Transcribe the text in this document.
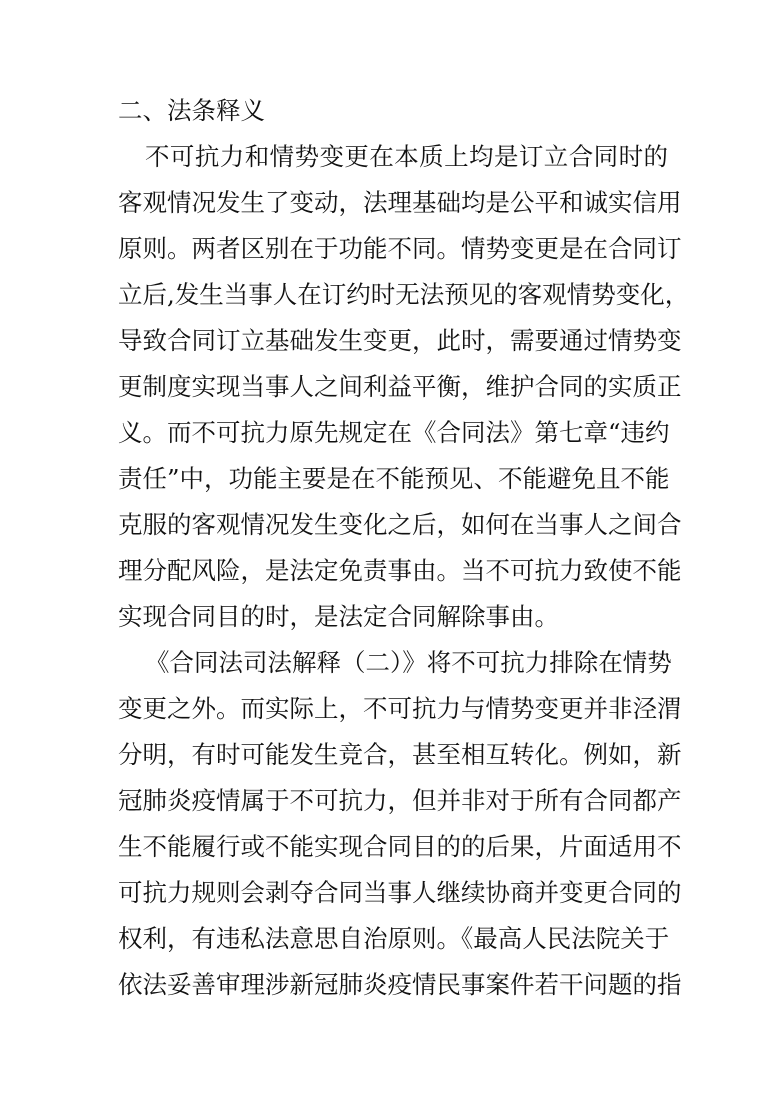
二、法条释义
不可抗力和情势变更在本质上均是订立合同时的
客观情况发生了变动，法理基础均是公平和诚实信用
原则。两者区别在于功能不同。情势变更是在合同订
立后,发生当事人在订约时无法预见的客观情势变化，
导致合同订立基础发生变更，此时，需要通过情势变
更制度实现当事人之间利益平衡，维护合同的实质正
义。而不可抗力原先规定在《合同法》第七章“违约
责任”中，功能主要是在不能预见、不能避免且不能
克服的客观情况发生变化之后，如何在当事人之间合
理分配风险，是法定免责事由。当不可抗力致使不能
实现合同目的时，是法定合同解除事由。
《合同法司法解释（二）》将不可抗力排除在情势
变更之外。而实际上，不可抗力与情势变更并非泾渭
分明，有时可能发生竞合，甚至相互转化。例如，新
冠肺炎疫情属于不可抗力，但并非对于所有合同都产
生不能履行或不能实现合同目的的后果，片面适用不
可抗力规则会剥夺合同当事人继续协商并变更合同的
权利，有违私法意思自治原则。《最高人民法院关于
依法妥善审理涉新冠肺炎疫情民事案件若干问题的指
